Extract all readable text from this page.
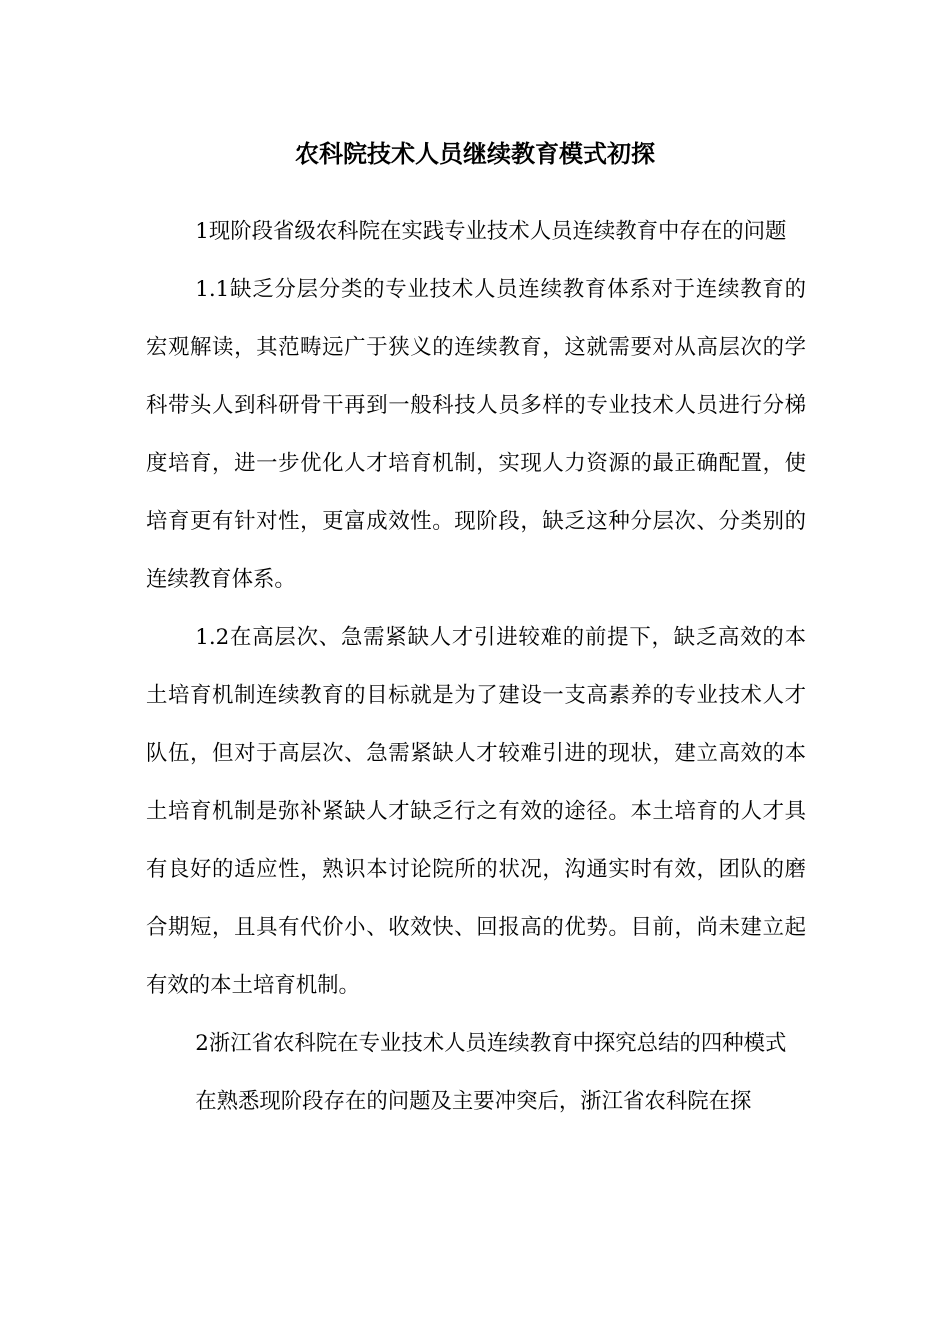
农科院技术人员继续教育模式初探

1现阶段省级农科院在实践专业技术人员连续教育中存在的问题

1.1缺乏分层分类的专业技术人员连续教育体系对于连续教育的宏观解读，其范畴远广于狭义的连续教育，这就需要对从高层次的学科带头人到科研骨干再到一般科技人员多样的专业技术人员进行分梯度培育，进一步优化人才培育机制，实现人力资源的最正确配置，使培育更有针对性，更富成效性。现阶段，缺乏这种分层次、分类别的连续教育体系。

1.2在高层次、急需紧缺人才引进较难的前提下，缺乏高效的本土培育机制连续教育的目标就是为了建设一支高素养的专业技术人才队伍，但对于高层次、急需紧缺人才较难引进的现状，建立高效的本土培育机制是弥补紧缺人才缺乏行之有效的途径。本土培育的人才具有良好的适应性，熟识本讨论院所的状况，沟通实时有效，团队的磨合期短，且具有代价小、收效快、回报高的优势。目前，尚未建立起有效的本土培育机制。

2浙江省农科院在专业技术人员连续教育中探究总结的四种模式

在熟悉现阶段存在的问题及主要冲突后，浙江省农科院在探
